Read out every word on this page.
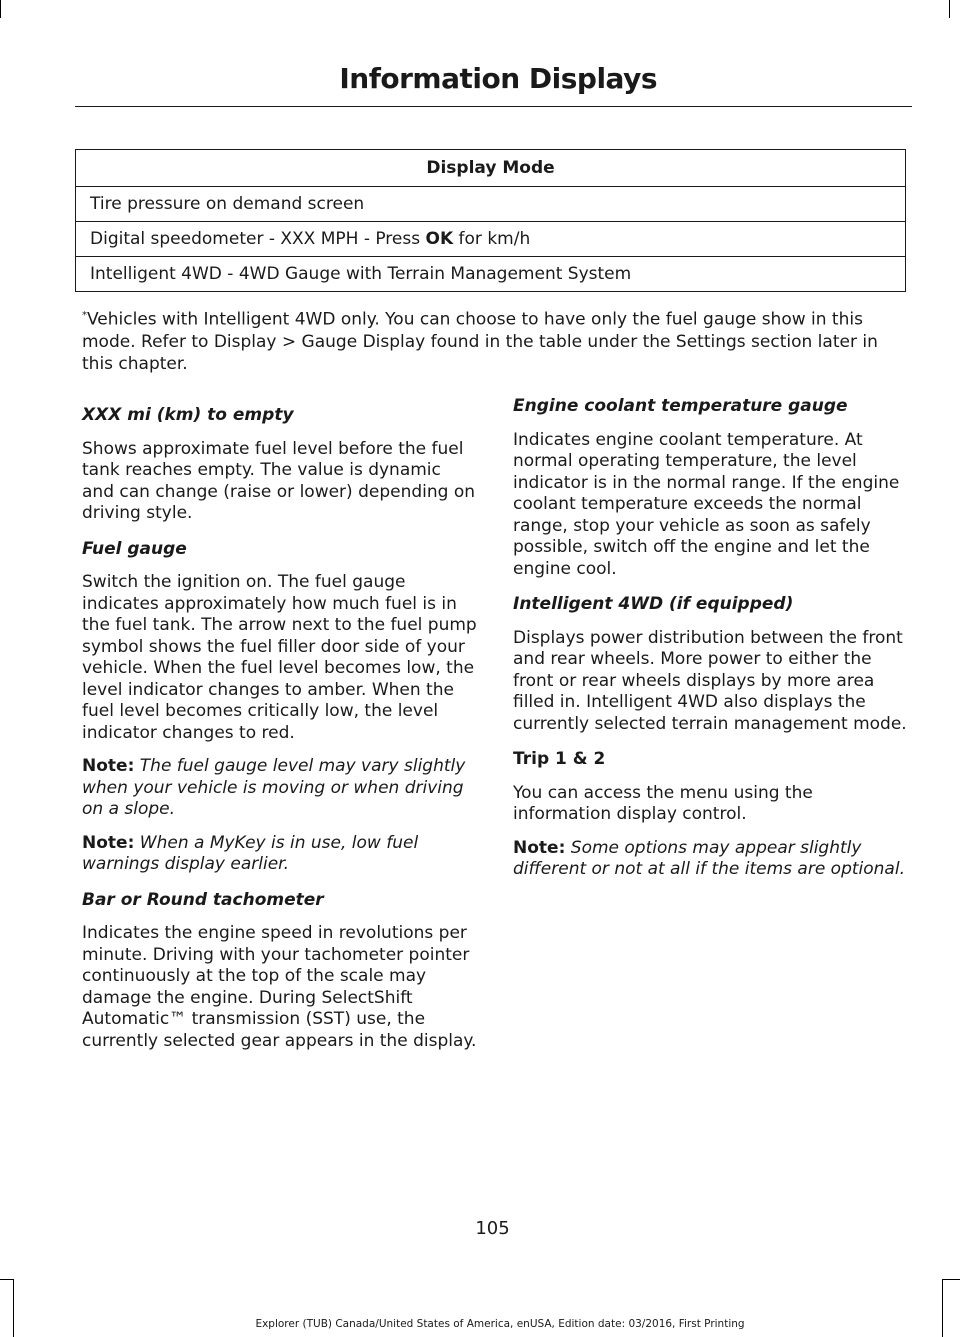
Information Displays
Display Mode
Tire pressure on demand screen
Digital speedometer - XXX MPH - Press OK for km/h
Intelligent 4WD - 4WD Gauge with Terrain Management System

*Vehicles with Intelligent 4WD only. You can choose to have only the fuel gauge show in this mode. Refer to Display > Gauge Display found in the table under the Settings section later in this chapter.

XXX mi (km) to empty

Shows approximate fuel level before the fuel tank reaches empty. The value is dynamic and can change (raise or lower) depending on driving style.

Fuel gauge

Switch the ignition on. The fuel gauge indicates approximately how much fuel is in the fuel tank. The arrow next to the fuel pump symbol shows the fuel filler door side of your vehicle. When the fuel level becomes low, the level indicator changes to amber. When the fuel level becomes critically low, the level indicator changes to red.

Note: The fuel gauge level may vary slightly when your vehicle is moving or when driving on a slope.

Note: When a MyKey is in use, low fuel warnings display earlier.

Bar or Round tachometer

Indicates the engine speed in revolutions per minute. Driving with your tachometer pointer continuously at the top of the scale may damage the engine. During SelectShift Automatic™ transmission (SST) use, the currently selected gear appears in the display.

Engine coolant temperature gauge

Indicates engine coolant temperature. At normal operating temperature, the level indicator is in the normal range. If the engine coolant temperature exceeds the normal range, stop your vehicle as soon as safely possible, switch off the engine and let the engine cool.

Intelligent 4WD (if equipped)

Displays power distribution between the front and rear wheels. More power to either the front or rear wheels displays by more area filled in. Intelligent 4WD also displays the currently selected terrain management mode.

Trip 1 & 2

You can access the menu using the information display control.

Note: Some options may appear slightly different or not at all if the items are optional.

105
Explorer (TUB) Canada/United States of America, enUSA, Edition date: 03/2016, First Printing
